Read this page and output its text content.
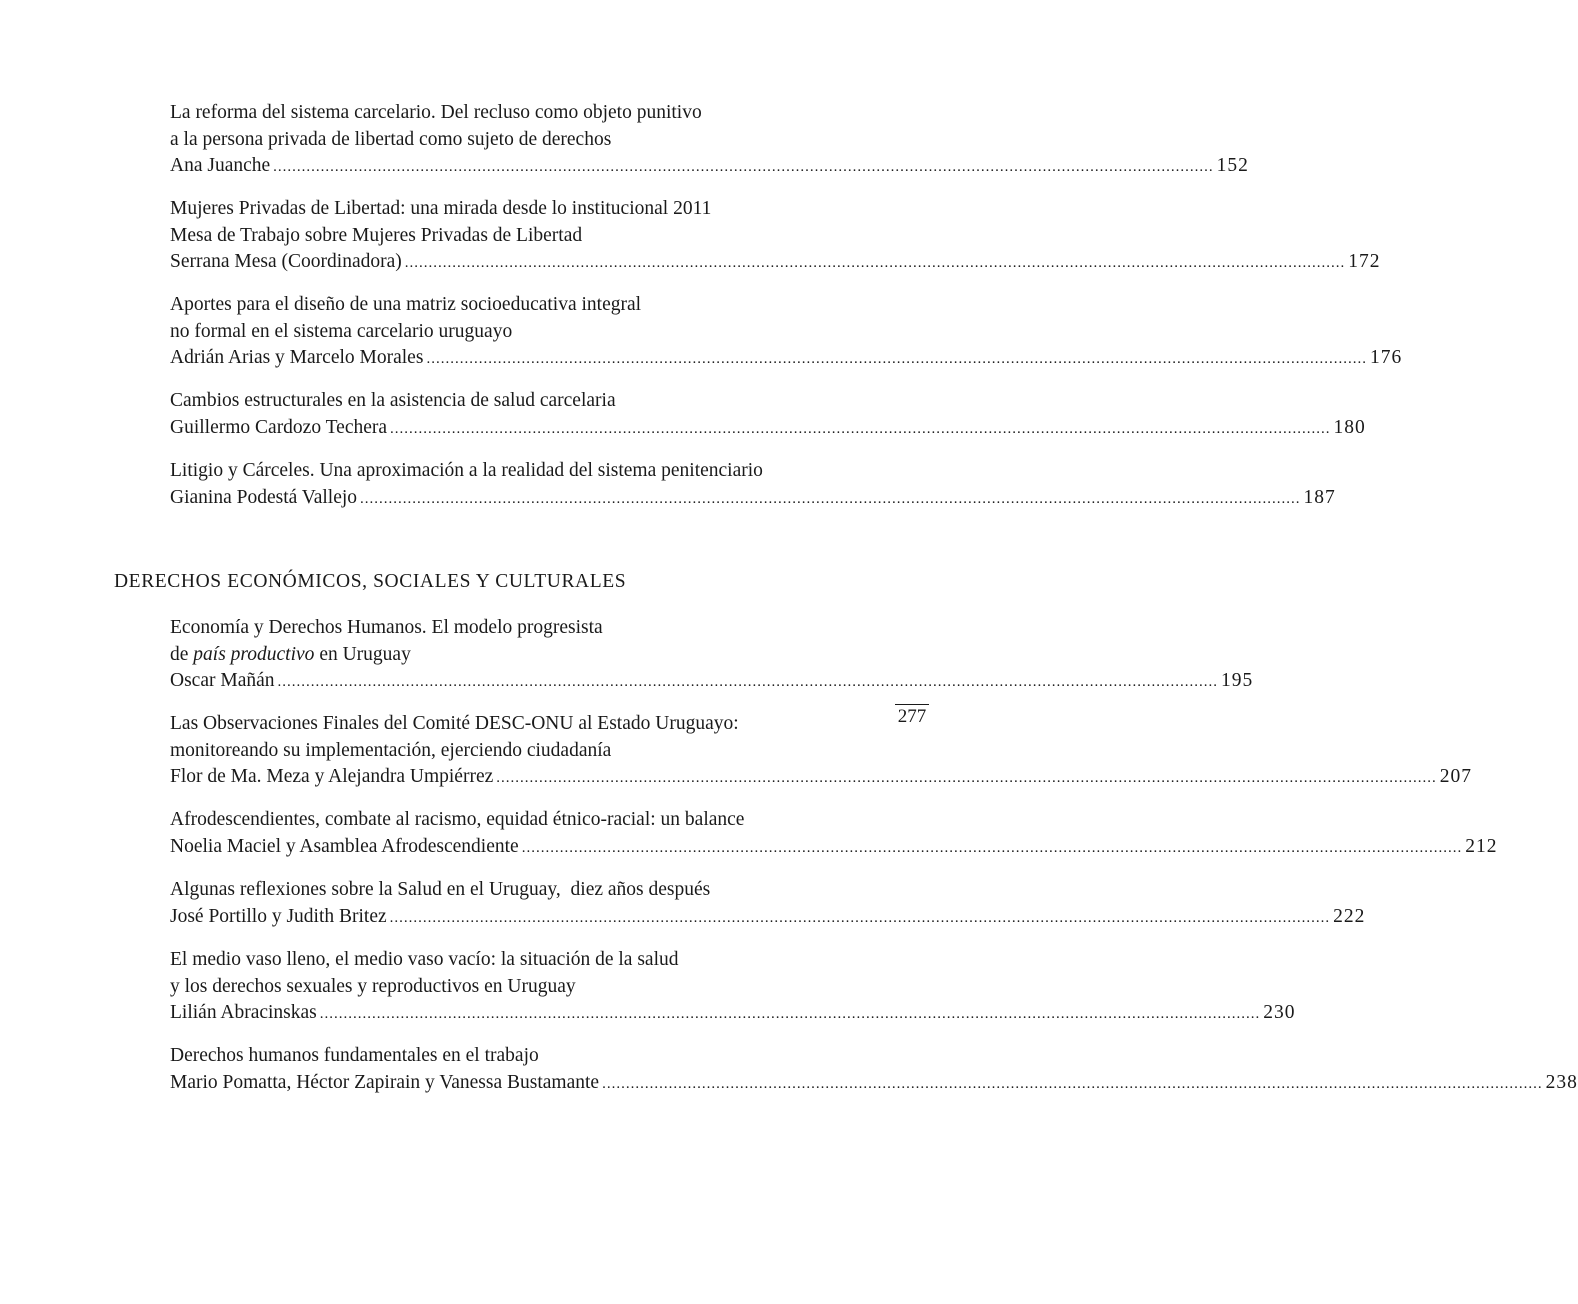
La reforma del sistema carcelario. Del recluso como objeto punitivo
a la persona privada de libertad como sujeto de derechos
Ana Juanche ...................................................................................................................................................................................................... 152
Mujeres Privadas de Libertad: una mirada desde lo institucional 2011
Mesa de Trabajo sobre Mujeres Privadas de Libertad
Serrana Mesa (Coordinadora) ...................................................................................................................................................................................................... 172
Aportes para el diseño de una matriz socioeducativa integral
no formal en el sistema carcelario uruguayo
Adrián Arias y Marcelo Morales ...................................................................................................................................................................................................... 176
Cambios estructurales en la asistencia de salud carcelaria
Guillermo Cardozo Techera ...................................................................................................................................................................................................... 180
Litigio y Cárceles. Una aproximación a la realidad del sistema penitenciario
Gianina Podestá Vallejo ...................................................................................................................................................................................................... 187
DERECHOS ECONÓMICOS, SOCIALES Y CULTURALES
Economía y Derechos Humanos. El modelo progresista
de país productivo en Uruguay
Oscar Mañán ...................................................................................................................................................................................................... 195
Las Observaciones Finales del Comité DESC-ONU al Estado Uruguayo:
monitoreando su implementación, ejerciendo ciudadanía
Flor de Ma. Meza y Alejandra Umpiérrez ...................................................................................................................................................................................................... 207
Afrodescendientes, combate al racismo, equidad étnico-racial: un balance
Noelia Maciel y Asamblea Afrodescendiente ...................................................................................................................................................................................................... 212
Algunas reflexiones sobre la Salud en el Uruguay,  diez años después
José Portillo y Judith Britez ...................................................................................................................................................................................................... 222
El medio vaso lleno, el medio vaso vacío: la situación de la salud
y los derechos sexuales y reproductivos en Uruguay
Lilián Abracinskas ...................................................................................................................................................................................................... 230
Derechos humanos fundamentales en el trabajo
Mario Pomatta, Héctor Zapirain y Vanessa Bustamante ...................................................................................................................................................................................................... 238
277
